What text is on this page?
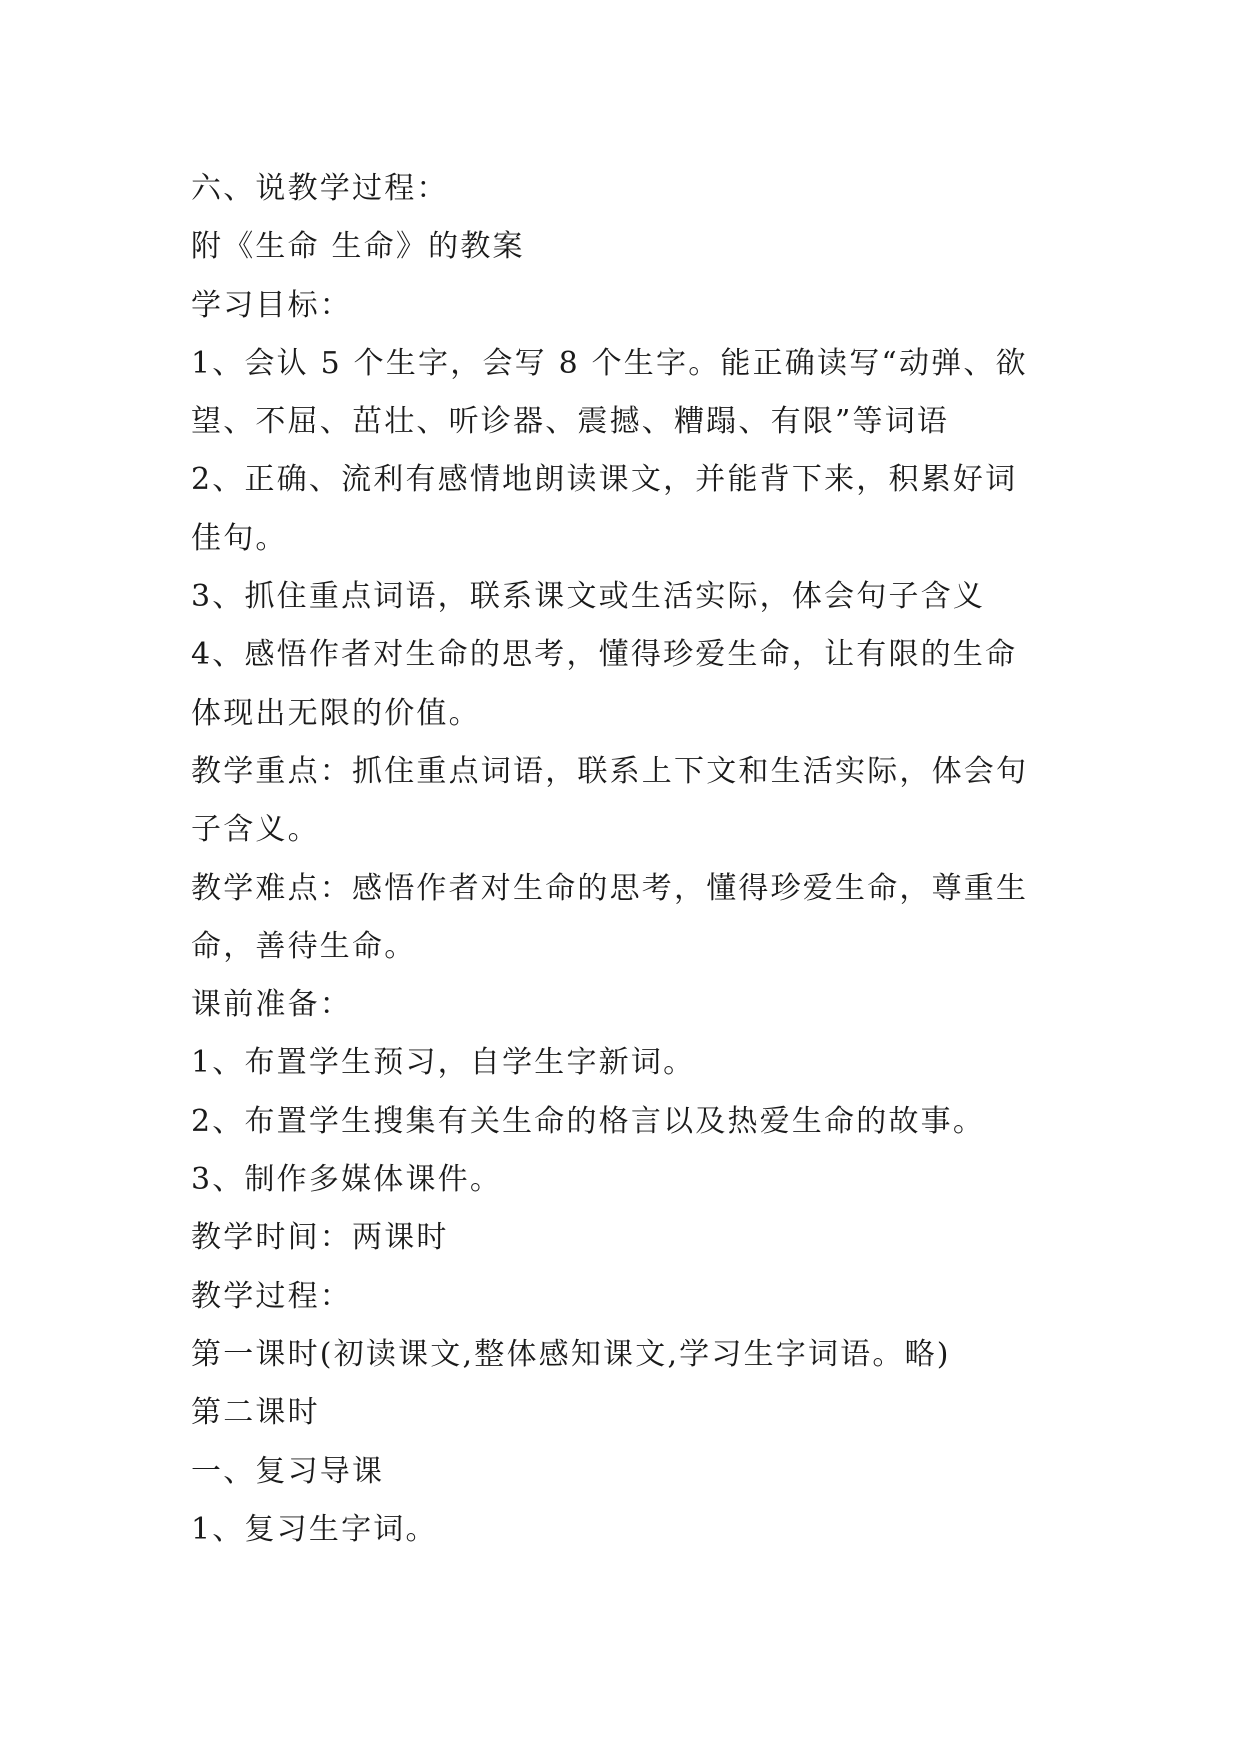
六、说教学过程：
附《生命 生命》的教案
学习目标：
1、会认 5 个生字，会写 8 个生字。能正确读写“动弹、欲
望、不屈、茁壮、听诊器、震撼、糟蹋、有限”等词语
2、正确、流利有感情地朗读课文，并能背下来，积累好词
佳句。
3、抓住重点词语，联系课文或生活实际，体会句子含义
4、感悟作者对生命的思考，懂得珍爱生命，让有限的生命
体现出无限的价值。
教学重点：抓住重点词语，联系上下文和生活实际，体会句
子含义。
教学难点：感悟作者对生命的思考，懂得珍爱生命，尊重生
命，善待生命。
课前准备：
1、布置学生预习，自学生字新词。
2、布置学生搜集有关生命的格言以及热爱生命的故事。
3、制作多媒体课件。
教学时间：两课时
教学过程：
第一课时(初读课文,整体感知课文,学习生字词语。略)
第二课时
一、复习导课
1、复习生字词。
